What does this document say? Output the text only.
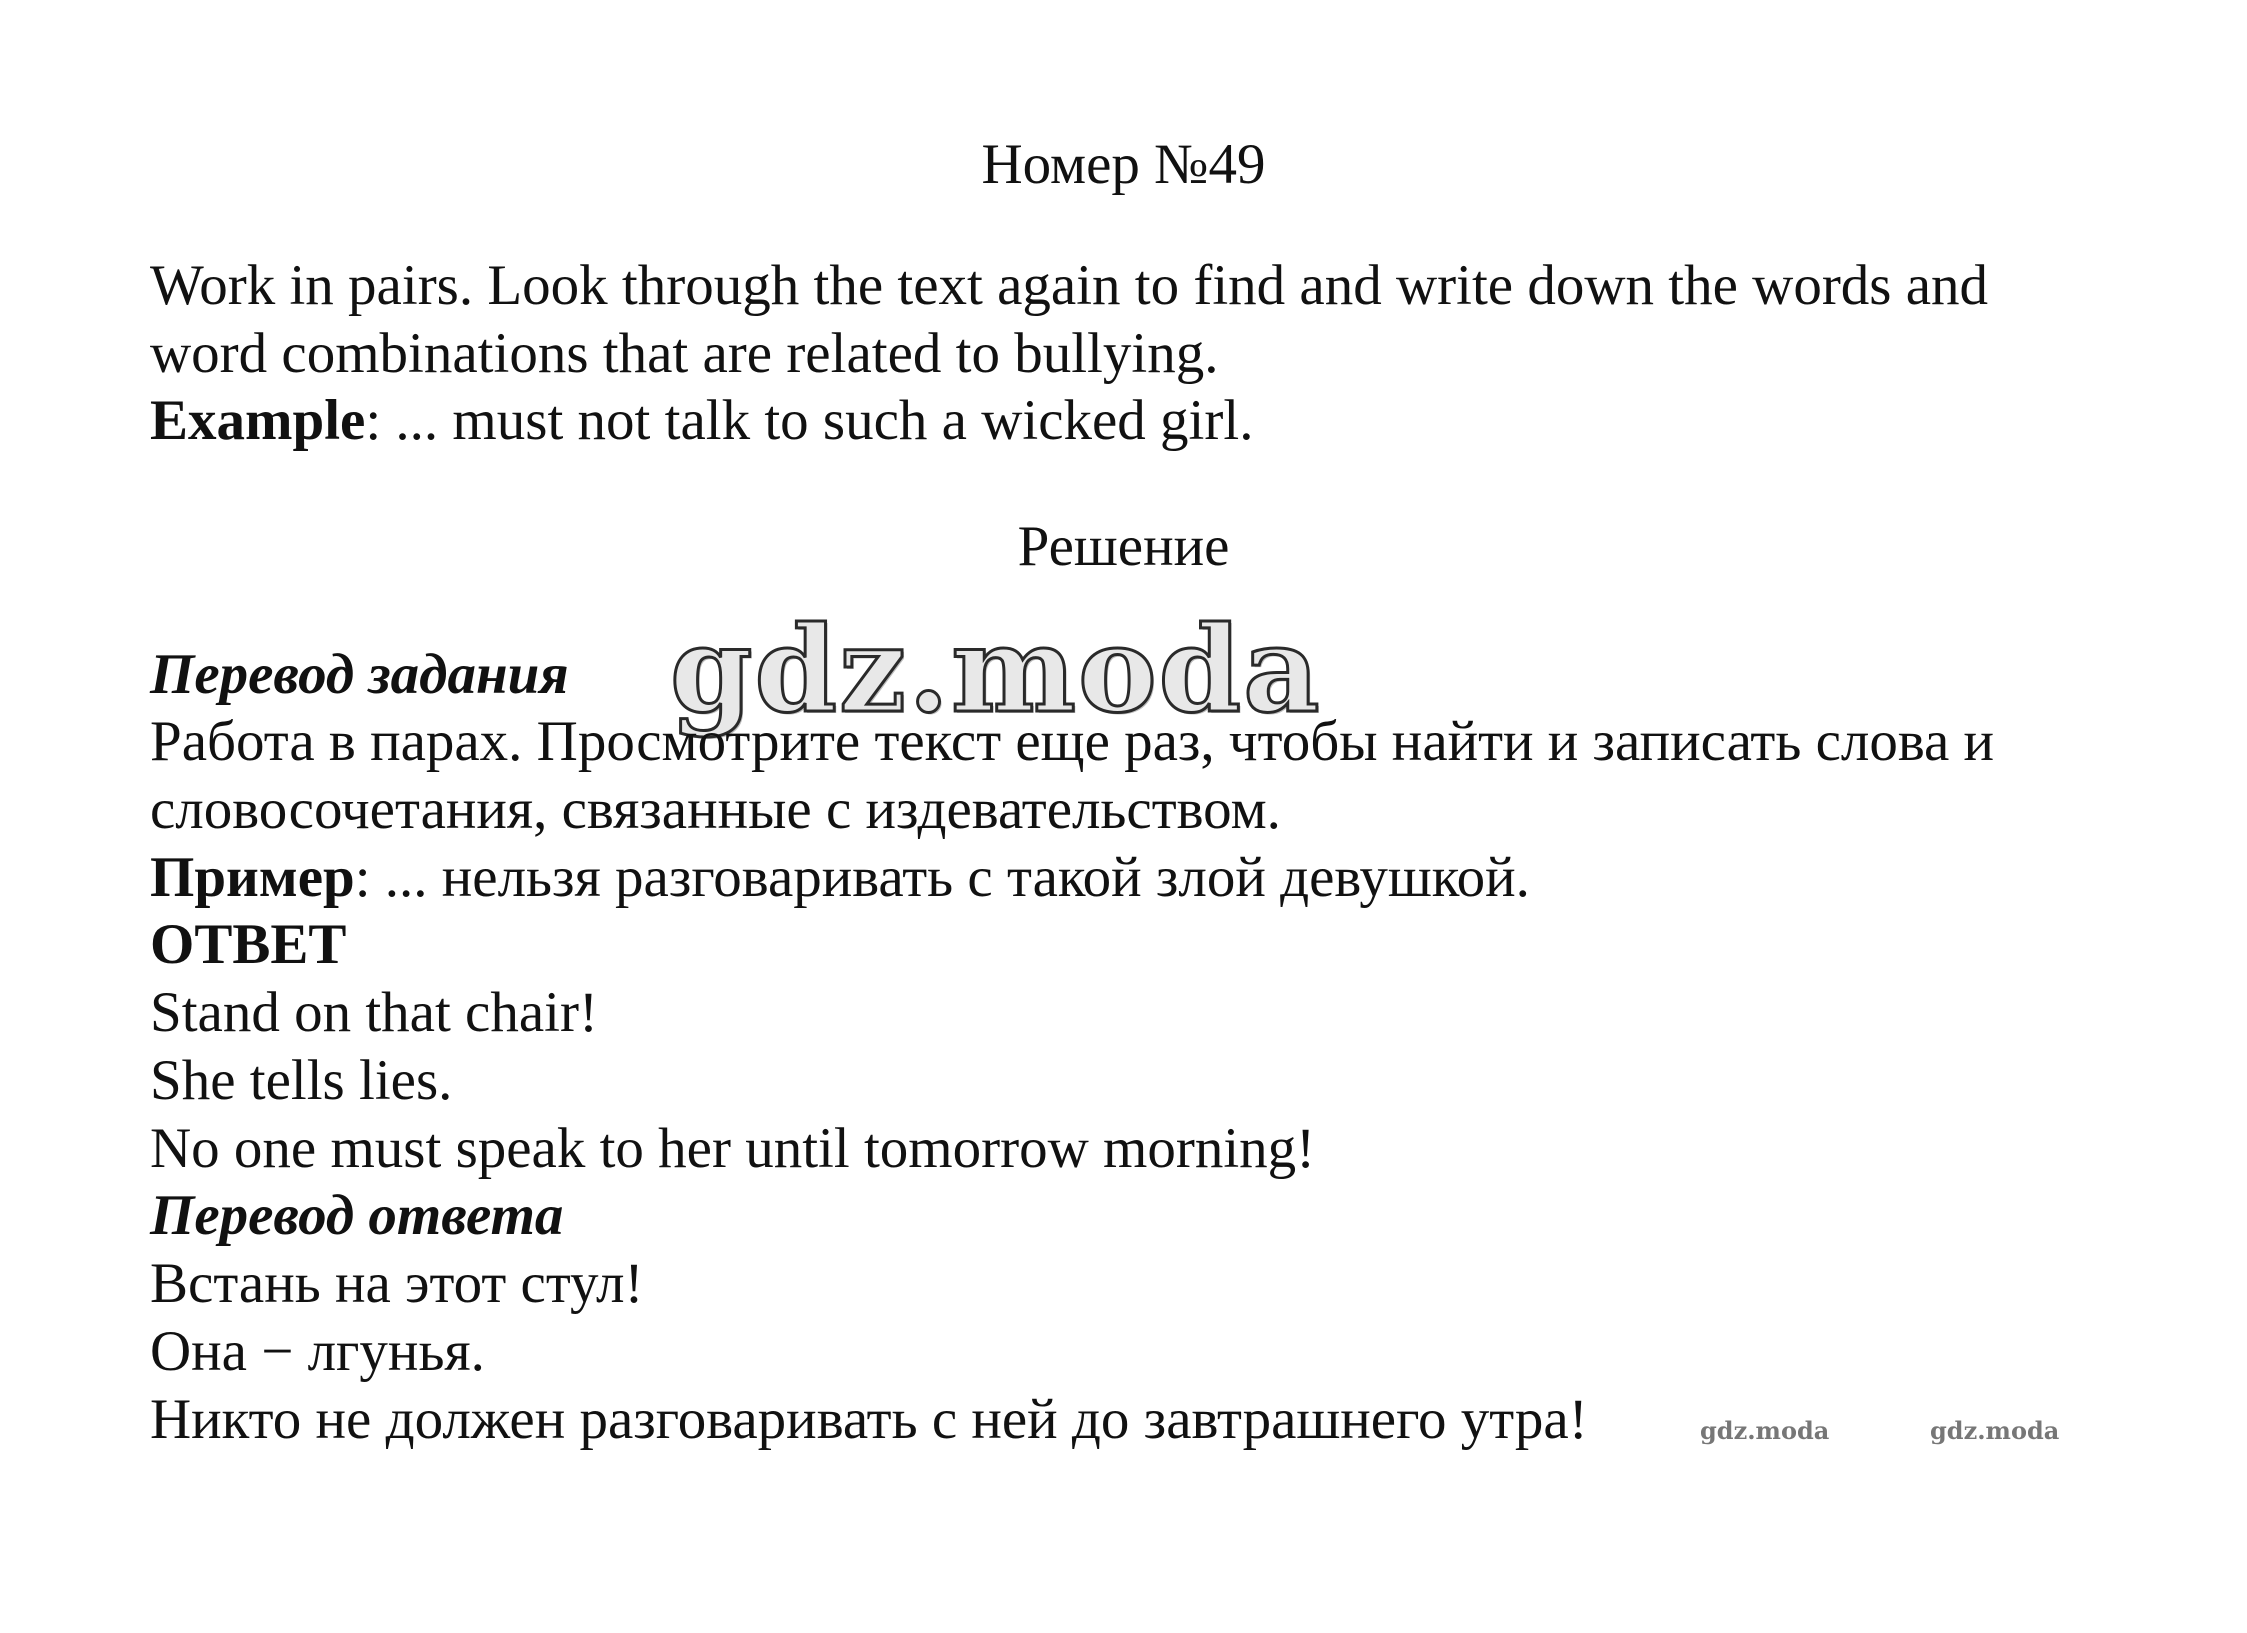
Номер №49
Work in pairs. Look through the text again to find and write down the words and
word combinations that are related to bullying.
Example: ... must not talk to such a wicked girl.
Решение
gdz.moda
Перевод задания
Работа в парах. Просмотрите текст еще раз, чтобы найти и записать слова и
словосочетания, связанные с издевательством.
Пример: ... нельзя разговаривать с такой злой девушкой.
ОТВЕТ
Stand on that chair!
She tells lies.
No one must speak to her until tomorrow morning!
Перевод ответа
Встань на этот стул!
Она − лгунья.
Никто не должен разговаривать с ней до завтрашнего утра!	gdz.moda	gdz.moda
